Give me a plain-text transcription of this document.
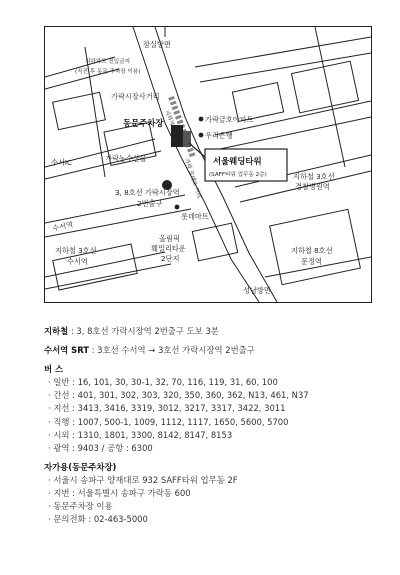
잠실방면
지하차도 진입금지
(직진 후 동문 주차장 이용)
가락시장사거리
동문주차장	가락금호아파트
우리은행
서울웨딩타워
(SAFF타워 업무동 2층)
수서IC	가락농수산물	가락 로데오 거리
지하차도
3, 8호선 가락시장역
2번출구
지하철 3호선
경찰병원역
롯데마트
올림픽
훼밀리타운
2단지
수서역
지하철 3호선
수서역
지하철 8호선
문정역
성남방면
지하철 : 3, 8호선 가락시장역 2번출구 도보 3분
수서역 SRT : 3호선 수서역 → 3호선 가락시장역 2번출구
버 스
· 일반 : 16, 101, 30, 30-1, 32, 70, 116, 119, 31, 60, 100
· 간선 : 401, 301, 302, 303, 320, 350, 360, 362, N13, 461, N37
· 지선 : 3413, 3416, 3319, 3012, 3217, 3317, 3422, 3011
· 직행 : 1007, 500-1, 1009, 1112, 1117, 1650, 5600, 5700
· 시외 : 1310, 1801, 3300, 8142, 8147, 8153
· 광역 : 9403 / 공항 : 6300
자가용(동문주차장)
· 서울시 송파구 양재대로 932 SAFF타워 업무동 2F
· 지번 : 서울특별시 송파구 가락동 600
· 동문주차장 이용
· 문의전화 : 02-463-5000
